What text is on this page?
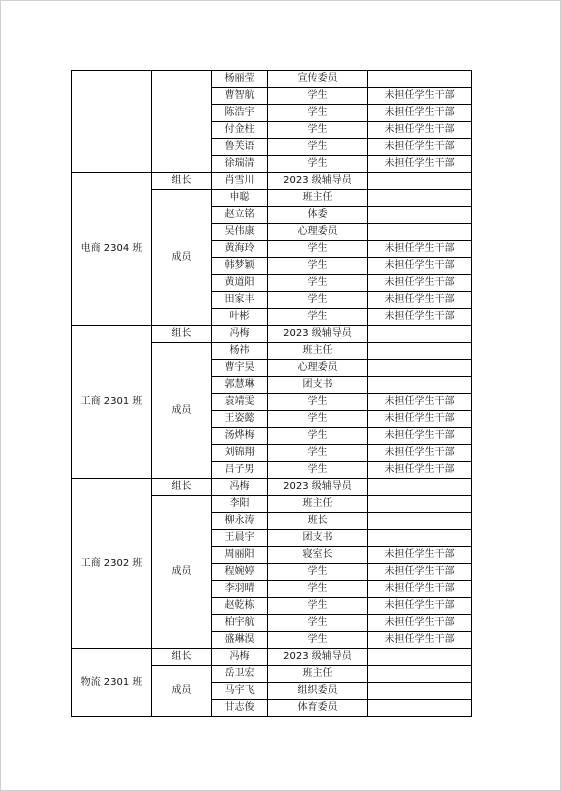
		杨丽莹	宣传委员	
		曹智航	学生	未担任学生干部
		陈浩宇	学生	未担任学生干部
		付金柱	学生	未担任学生干部
		鲁芙语	学生	未担任学生干部
		徐瑞清	学生	未担任学生干部
电商 2304 班	组长	肖雪川	2023 级辅导员	
	成员	申聪	班主任	
		赵立铭	体委	
		吴伟康	心理委员	
		黄海玲	学生	未担任学生干部
		韩梦颖	学生	未担任学生干部
		黄道阳	学生	未担任学生干部
		田家丰	学生	未担任学生干部
		叶彬	学生	未担任学生干部
工商 2301 班	组长	冯梅	2023 级辅导员	
	成员	杨祎	班主任	
		曹宇昊	心理委员	
		郭慧琳	团支书	
		袁靖雯	学生	未担任学生干部
		王姿懿	学生	未担任学生干部
		汤烨梅	学生	未担任学生干部
		刘锦翔	学生	未担任学生干部
		吕子男	学生	未担任学生干部
工商 2302 班	组长	冯梅	2023 级辅导员	
	成员	李阳	班主任	
		柳永涛	班长	
		王晨宇	团支书	
		周丽阳	寝室长	未担任学生干部
		程婉婷	学生	未担任学生干部
		李羽晴	学生	未担任学生干部
		赵乾栋	学生	未担任学生干部
		柏宇航	学生	未担任学生干部
		盛琳淏	学生	未担任学生干部
物流 2301 班	组长	冯梅	2023 级辅导员	
	成员	岳卫宏	班主任	
		马宇飞	组织委员	
		甘志俊	体育委员	
